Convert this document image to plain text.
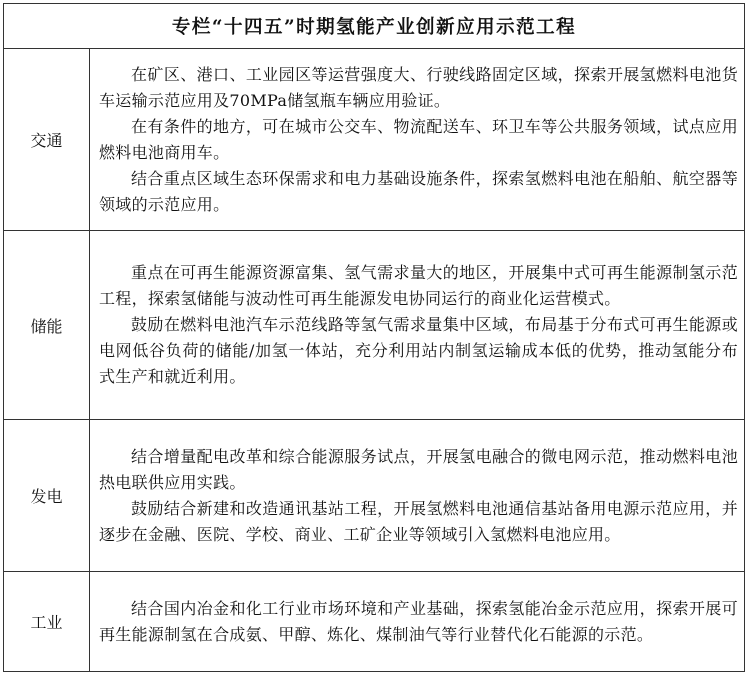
专栏“十四五”时期氢能产业创新应用示范工程	
交通	在矿区、港口、工业园区等运营强度大、行驶线路固定区域，探索开展氢燃料电池货车运输示范应用及70MPa储氢瓶车辆应用验证。

在有条件的地方，可在城市公交车、物流配送车、环卫车等公共服务领域，试点应用燃料电池商用车。

结合重点区域生态环保需求和电力基础设施条件，探索氢燃料电池在船舶、航空器等领域的示范应用。

储能	重点在可再生能源资源富集、氢气需求量大的地区，开展集中式可再生能源制氢示范工程，探索氢储能与波动性可再生能源发电协同运行的商业化运营模式。

鼓励在燃料电池汽车示范线路等氢气需求量集中区域，布局基于分布式可再生能源或电网低谷负荷的储能/加氢一体站，充分利用站内制氢运输成本低的优势，推动氢能分布式生产和就近利用。

发电	结合增量配电改革和综合能源服务试点，开展氢电融合的微电网示范，推动燃料电池热电联供应用实践。

鼓励结合新建和改造通讯基站工程，开展氢燃料电池通信基站备用电源示范应用，并逐步在金融、医院、学校、商业、工矿企业等领域引入氢燃料电池应用。

工业	结合国内冶金和化工行业市场环境和产业基础，探索氢能冶金示范应用，探索开展可再生能源制氢在合成氨、甲醇、炼化、煤制油气等行业替代化石能源的示范。
